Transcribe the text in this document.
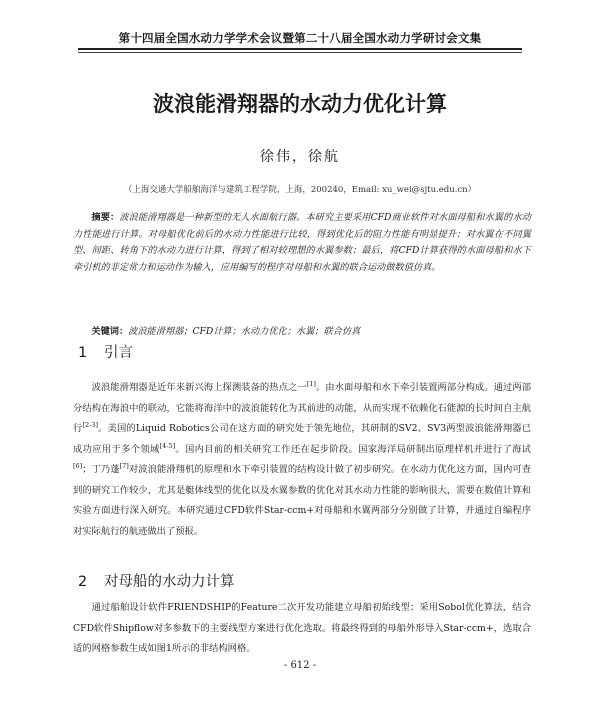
第十四届全国水动力学学术会议暨第二十八届全国水动力学研讨会文集
波浪能滑翔器的水动力优化计算
徐伟，徐航
（上海交通大学船舶海洋与建筑工程学院，上海，200240，Email: xu_wei@sjtu.edu.cn）
摘要：波浪能滑翔器是一种新型的无人水面航行器。本研究主要采用CFD商业软件对水面母船和水翼的水动力性能进行计算。对母船优化前后的水动力性能进行比较，得到优化后的阻力性能有明显提升；对水翼在不同翼型、间距、转角下的水动力进行计算，得到了相对较理想的水翼参数；最后，将CFD计算获得的水面母船和水下牵引机的非定常力和运动作为输入，应用编写的程序对母船和水翼的联合运动做数值仿真。
关键词：波浪能滑翔器；CFD计算；水动力优化；水翼；联合仿真
1 引言
波浪能滑翔器是近年来新兴海上探测装备的热点之一[1]。由水面母船和水下牵引装置两部分构成。通过两部分结构在海浪中的联动，它能将海洋中的波浪能转化为其前进的动能，从而实现不依赖化石能源的长时间自主航行[2-3]。美国的Liquid Robotics公司在这方面的研究处于领先地位，其研制的SV2、SV3两型波浪能滑翔器已成功应用于多个领域[4-5]。国内目前的相关研究工作还在起步阶段。国家海洋局研制出原理样机并进行了海试[6]；丁乃蓬[7]对波浪能滑翔机的原理和水下牵引装置的结构设计做了初步研究。在水动力优化这方面，国内可查到的研究工作较少，尤其是艇体线型的优化以及水翼参数的优化对其水动力性能的影响很大，需要在数值计算和实验方面进行深入研究。本研究通过CFD软件Star-ccm+对母船和水翼两部分分别做了计算，并通过自编程序对实际航行的航迹做出了预报。
2 对母船的水动力计算
通过船舶设计软件FRIENDSHIP的Feature二次开发功能建立母船初始线型；采用Sobol优化算法，结合CFD软件Shipflow对多参数下的主要线型方案进行优化选取。将最终得到的母船外形导入Star-ccm+，选取合适的网格参数生成如图1所示的非结构网格。
- 612 -
